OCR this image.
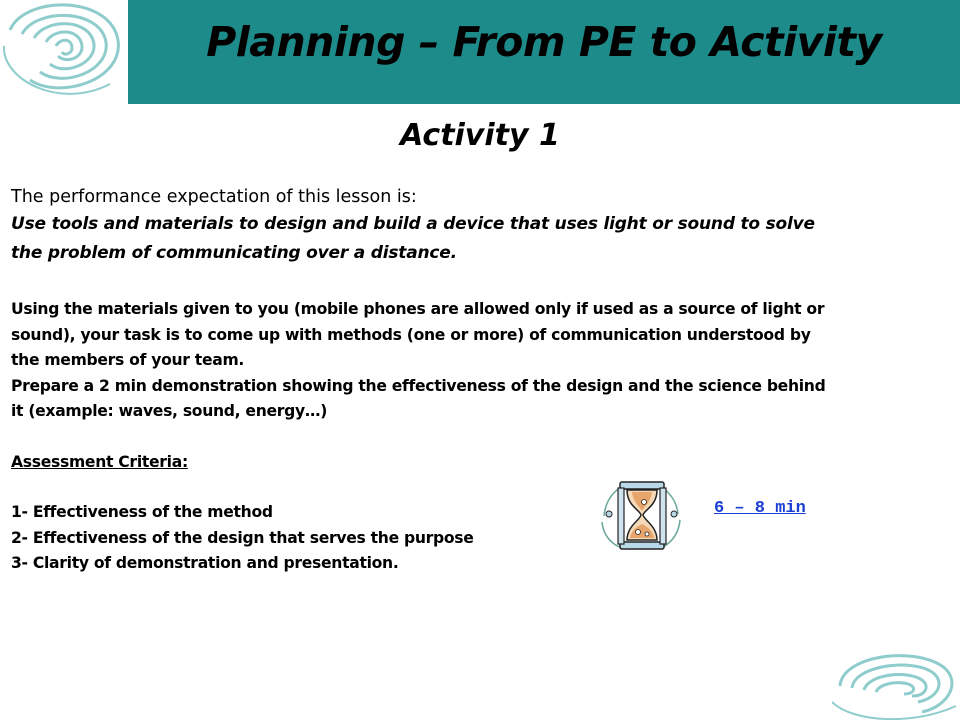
Planning – From PE to Activity
Activity 1
The performance expectation of this lesson is:
Use tools and materials to design and build a device that uses light or sound to solve
the problem of communicating over a distance.
Using the materials given to you (mobile phones are allowed only if used as a source of light or
sound), your task is to come up with methods (one or more) of communication understood by
the members of your team.
Prepare a 2 min demonstration showing the effectiveness of the design and the science behind
it (example: waves, sound, energy…)
Assessment Criteria:
1- Effectiveness of the method
2- Effectiveness of the design that serves the purpose
3- Clarity of demonstration and presentation.
6 – 8 min
